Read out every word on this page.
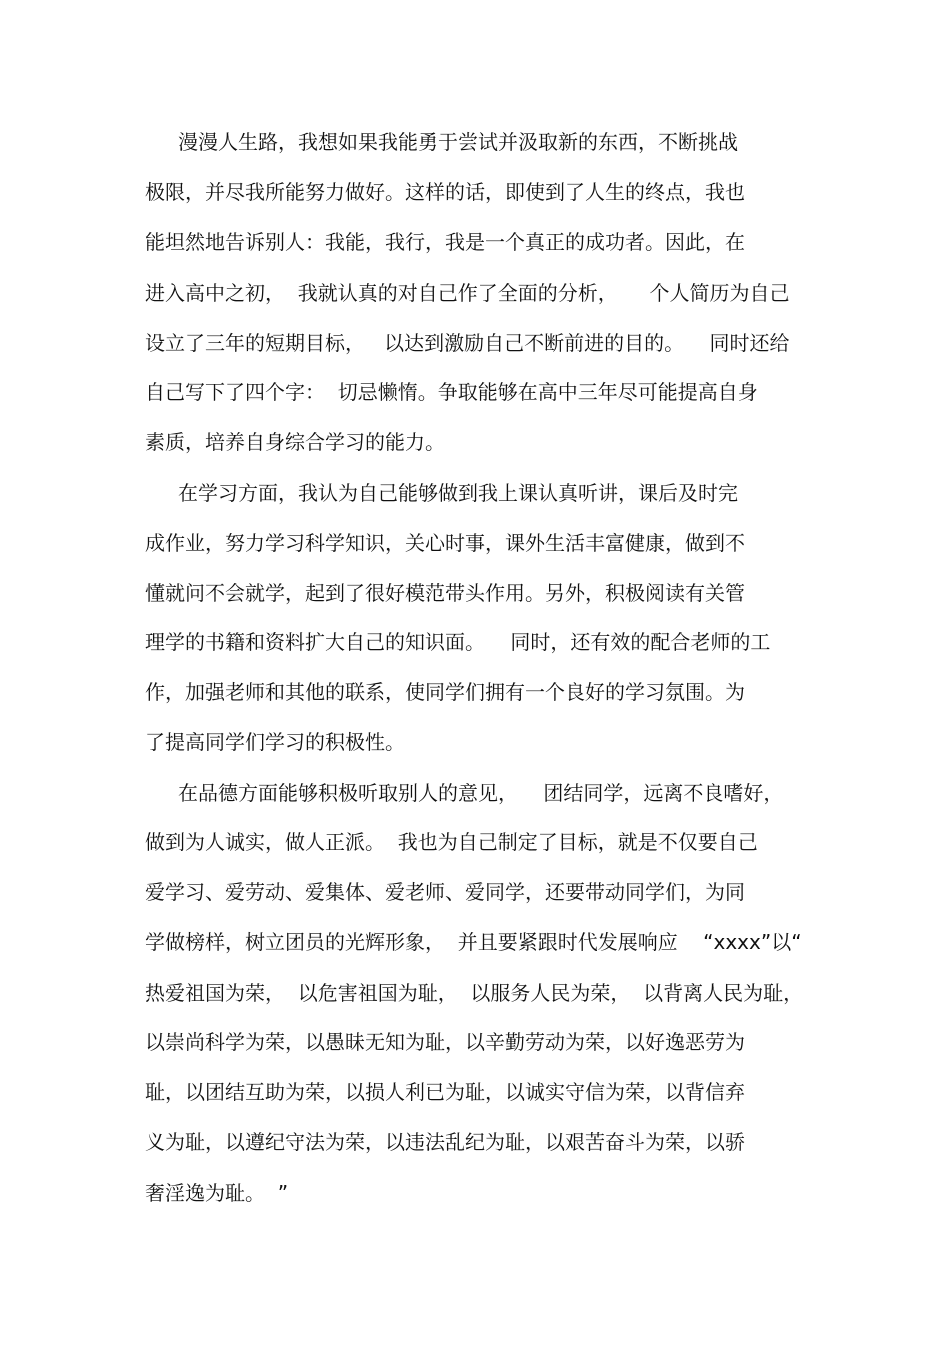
漫漫人生路，我想如果我能勇于尝试并汲取新的东西，不断挑战
极限，并尽我所能努力做好。这样的话，即使到了人生的终点，我也
能坦然地告诉别人：我能，我行，我是一个真正的成功者。因此，在
进入高中之初，  我就认真的对自己作了全面的分析，     个人简历为自己
设立了三年的短期目标，   以达到激励自己不断前进的目的。    同时还给
自己写下了四个字：  切忌懒惰。争取能够在高中三年尽可能提高自身
素质，培养自身综合学习的能力。
在学习方面，我认为自己能够做到我上课认真听讲，课后及时完
成作业，努力学习科学知识，关心时事，课外生活丰富健康，做到不
懂就问不会就学，起到了很好模范带头作用。另外，积极阅读有关管
理学的书籍和资料扩大自己的知识面。    同时，还有效的配合老师的工
作，加强老师和其他的联系，使同学们拥有一个良好的学习氛围。为
了提高同学们学习的积极性。
在品德方面能够积极听取别人的意见，    团结同学，远离不良嗜好，
做到为人诚实，做人正派。  我也为自己制定了目标，就是不仅要自己
爱学习、爱劳动、爱集体、爱老师、爱同学，还要带动同学们，为同
学做榜样，树立团员的光辉形象，  并且要紧跟时代发展响应    “xxxx”以“
热爱祖国为荣，  以危害祖国为耻，  以服务人民为荣，  以背离人民为耻，
以崇尚科学为荣，以愚昧无知为耻，以辛勤劳动为荣，以好逸恶劳为
耻，以团结互助为荣，以损人利已为耻，以诚实守信为荣，以背信弃
义为耻，以遵纪守法为荣，以违法乱纪为耻，以艰苦奋斗为荣，以骄
奢淫逸为耻。  ”
